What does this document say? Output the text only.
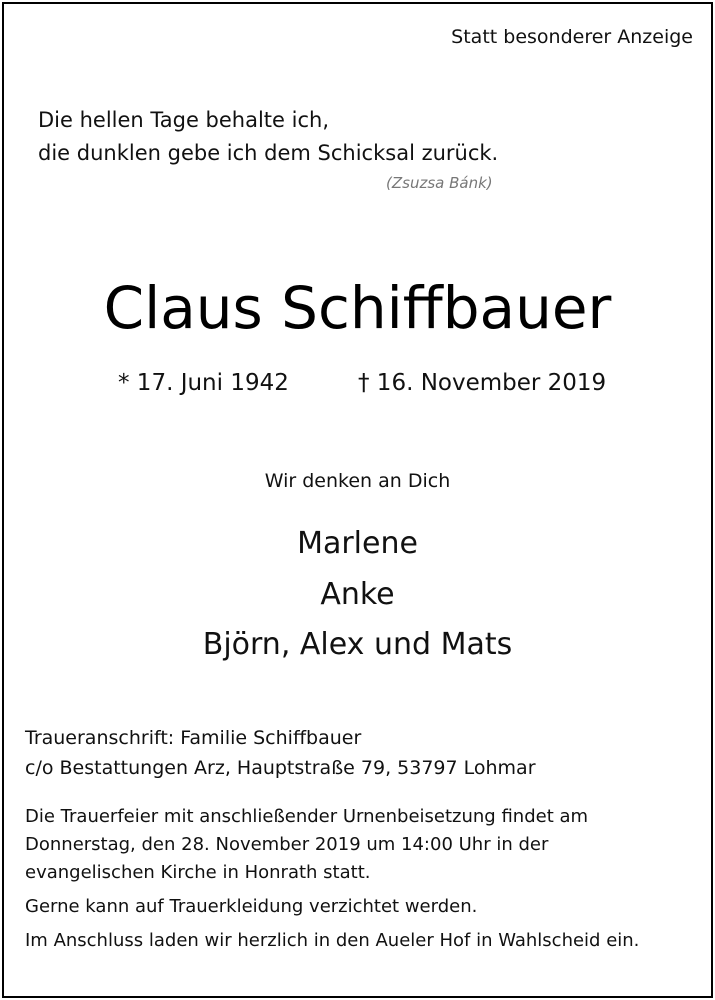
Statt besonderer Anzeige
Die hellen Tage behalte ich,
die dunklen gebe ich dem Schicksal zurück.
(Zsuzsa Bánk)
Claus Schiffbauer
* 17. Juni 1942	† 16. November 2019
Wir denken an Dich
Marlene
Anke
Björn, Alex und Mats
Traueranschrift: Familie Schiffbauer
c/o Bestattungen Arz, Hauptstraße 79, 53797 Lohmar
Die Trauerfeier mit anschließender Urnenbeisetzung findet am
Donnerstag, den 28. November 2019 um 14:00 Uhr in der
evangelischen Kirche in Honrath statt.
Gerne kann auf Trauerkleidung verzichtet werden.
Im Anschluss laden wir herzlich in den Aueler Hof in Wahlscheid ein.
